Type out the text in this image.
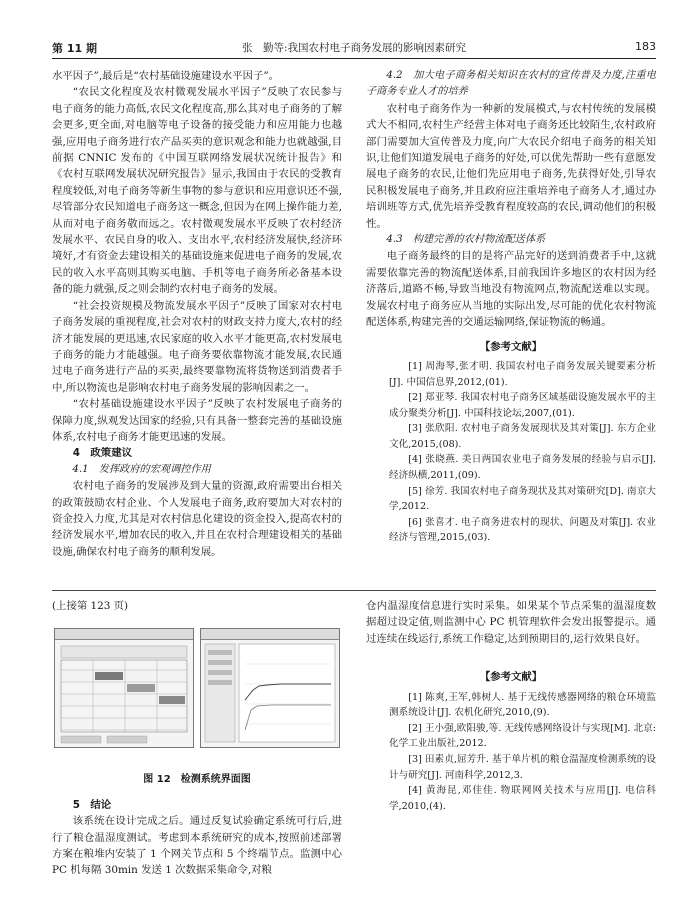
第 11 期	张　勤等:我国农村电子商务发展的影响因素研究	183

水平因子”,最后是“农村基础设施建设水平因子”。

“农民文化程度及农村微观发展水平因子”反映了农民参与电子商务的能力高低,农民文化程度高,那么其对电子商务的了解会更多,更全面,对电脑等电子设备的接受能力和应用能力也越强,应用电子商务进行农产品买卖的意识观念和能力也就越强,目前据 CNNIC 发布的《中国互联网络发展状况统计报告》和《农村互联网发展状况研究报告》显示,我国由于农民的受教育程度较低,对电子商务等新生事物的参与意识和应用意识还不强,尽管部分农民知道电子商务这一概念,但因为在网上操作能力差,从而对电子商务敬而远之。农村微观发展水平反映了农村经济发展水平、农民自身的收入、支出水平,农村经济发展快,经济环境好,才有资金去建设相关的基础设施来促进电子商务的发展,农民的收入水平高则其购买电脑、手机等电子商务所必备基本设备的能力就强,反之则会制约农村电子商务的发展。

“社会投资规模及物流发展水平因子”反映了国家对农村电子商务发展的重视程度,社会对农村的财政支持力度大,农村的经济才能发展的更迅速,农民家庭的收入水平才能更高,农村发展电子商务的能力才能越强。电子商务要依靠物流才能发展,农民通过电子商务进行产品的买卖,最终要靠物流将货物送到消费者手中,所以物流也是影响农村电子商务发展的影响因素之一。

“农村基础设施建设水平因子”反映了农村发展电子商务的保障力度,纵观发达国家的经验,只有具备一整套完善的基础设施体系,农村电子商务才能更迅速的发展。

4　政策建议

4.1　发挥政府的宏观调控作用

农村电子商务的发展涉及到大量的资源,政府需要出台相关的政策鼓励农村企业、个人发展电子商务,政府要加大对农村的资金投入力度,尤其是对农村信息化建设的资金投入,提高农村的经济发展水平,增加农民的收入,并且在农村合理建设相关的基础设施,确保农村电子商务的顺利发展。

4.2　加大电子商务相关知识在农村的宣传普及力度,注重电子商务专业人才的培养

农村电子商务作为一种新的发展模式,与农村传统的发展模式大不相同,农村生产经营主体对电子商务还比较陌生,农村政府部门需要加大宣传普及力度,向广大农民介绍电子商务的相关知识,让他们知道发展电子商务的好处,可以优先帮助一些有意愿发展电子商务的农民,让他们先应用电子商务,先获得好处,引导农民积极发展电子商务,并且政府应注重培养电子商务人才,通过办培训班等方式,优先培养受教育程度较高的农民,调动他们的积极性。

4.3　构建完善的农村物流配送体系

电子商务最终的目的是将产品完好的送到消费者手中,这就需要依靠完善的物流配送体系,目前我国许多地区的农村因为经济落后,道路不畅,导致当地没有物流网点,物流配送难以实现。发展农村电子商务应从当地的实际出发,尽可能的优化农村物流配送体系,构建完善的交通运输网络,保证物流的畅通。

【参考文献】

[1] 周海琴,张才明. 我国农村电子商务发展关键要素分析[J]. 中国信息界,2012,(01).

[2] 郑亚琴. 我国农村电子商务区域基础设施发展水平的主成分聚类分析[J]. 中国科技论坛,2007,(01).

[3] 张欣阳. 农村电子商务发展现状及其对策[J]. 东方企业文化,2015,(08).

[4] 张晓燕. 美日两国农业电子商务发展的经验与启示[J]. 经济纵横,2011,(09).

[5] 徐芳. 我国农村电子商务现状及其对策研究[D]. 南京大学,2012.

[6] 张喜才. 电子商务进农村的现状、问题及对策[J]. 农业经济与管理,2015,(03).

(上接第 123 页)

图 12　检测系统界面图

5　结论

该系统在设计完成之后。通过反复试验确定系统可行后,进行了粮仓温湿度测试。考虑到本系统研究的成本,按照前述部署方案在粮堆内安装了 1 个网关节点和 5 个终端节点。监测中心 PC 机每隔 30min 发送 1 次数据采集命令,对粮

仓内温湿度信息进行实时采集。如果某个节点采集的温湿度数据超过设定值,则监测中心 PC 机管理软件会发出报警提示。通过连续在线运行,系统工作稳定,达到预期目的,运行效果良好。

【参考文献】

[1] 陈爽,王军,韩树人. 基于无线传感器网络的粮仓环境监测系统设计[J]. 农机化研究,2010,(9).

[2] 王小强,欧阳骏,等. 无线传感网络设计与实现[M]. 北京:化学工业出版社,2012.

[3] 田素贞,屈芳升. 基于单片机的粮仓温湿度检测系统的设计与研究[J]. 河南科学,2012,3.

[4] 黄海昆,邓佳佳. 物联网网关技术与应用[J]. 电信科学,2010,(4).
